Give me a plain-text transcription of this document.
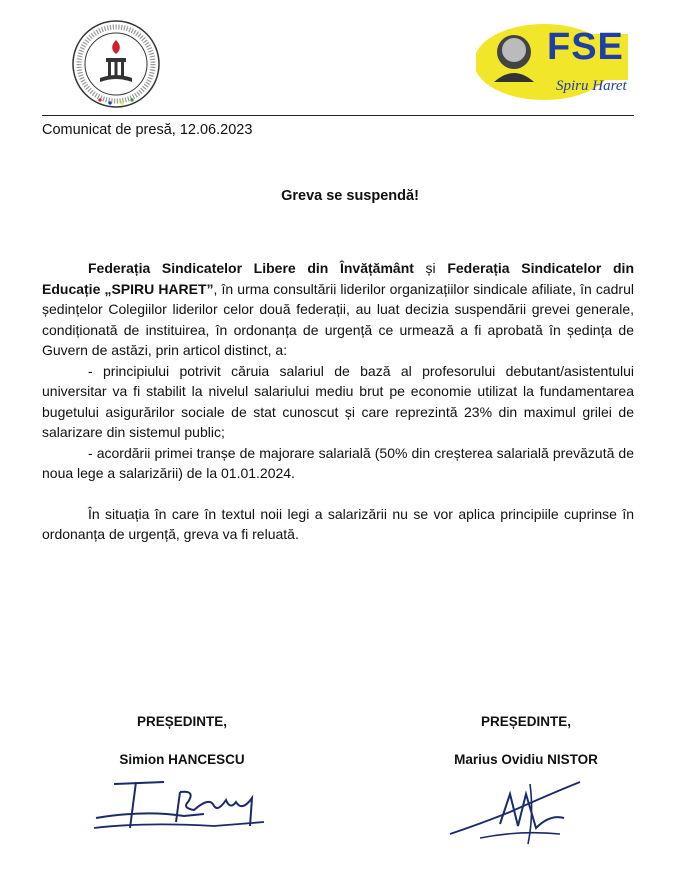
FSE
Spiru Haret
Comunicat de presă, 12.06.2023
Greva se suspendă!

Federația Sindicatelor Libere din Învățământ și Federația Sindicatelor din Educație „SPIRU HARET”, în urma consultării liderilor organizațiilor sindicale afiliate, în cadrul ședințelor Colegiilor liderilor celor două federații, au luat decizia suspendării grevei generale, condiționată de instituirea, în ordonanța de urgență ce urmează a fi aprobată în ședința de Guvern de astăzi, prin articol distinct, a:

- principiului potrivit căruia salariul de bază al profesorului debutant/asistentului universitar va fi stabilit la nivelul salariului mediu brut pe economie utilizat la fundamentarea bugetului asigurărilor sociale de stat cunoscut și care reprezintă 23% din maximul grilei de salarizare din sistemul public;

- acordării primei tranșe de majorare salarială (50% din creșterea salarială prevăzută de noua lege a salarizării) de la 01.01.2024.

În situația în care în textul noii legi a salarizării nu se vor aplica principiile cuprinse în ordonanța de urgență, greva va fi reluată.

PREȘEDINTE,
Simion HANCESCU
PREȘEDINTE,
Marius Ovidiu NISTOR
